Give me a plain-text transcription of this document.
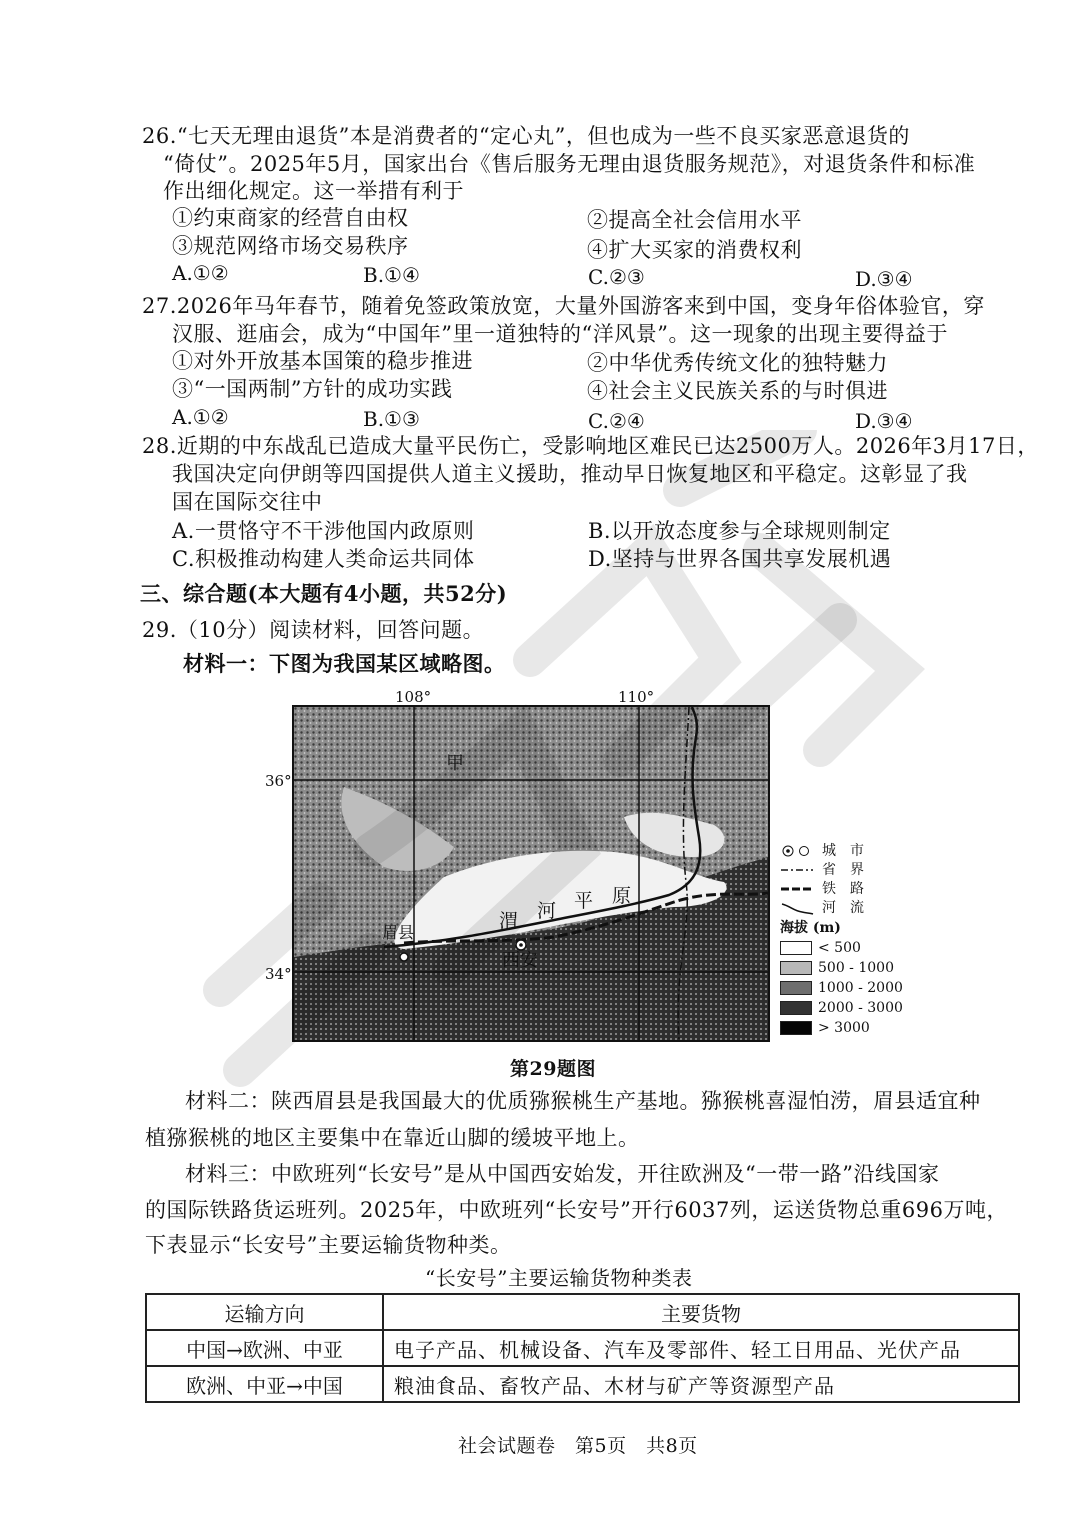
26.“七天无理由退货”本是消费者的“定心丸”，但也成为一些不良买家恶意退货的
“倚仗”。2025年5月，国家出台《售后服务无理由退货服务规范》，对退货条件和标准
作出细化规定。这一举措有利于
①约束商家的经营自由权	②提高全社会信用水平
③规范网络市场交易秩序	④扩大买家的消费权利
A.①②	B.①④	C.②③	D.③④
27.2026年马年春节，随着免签政策放宽，大量外国游客来到中国，变身年俗体验官，穿
汉服、逛庙会，成为“中国年”里一道独特的“洋风景”。这一现象的出现主要得益于
①对外开放基本国策的稳步推进	②中华优秀传统文化的独特魅力
③“一国两制”方针的成功实践	④社会主义民族关系的与时俱进
A.①②	B.①③	C.②④	D.③④
28.近期的中东战乱已造成大量平民伤亡，受影响地区难民已达2500万人。2026年3月17日，
我国决定向伊朗等四国提供人道主义援助，推动早日恢复地区和平稳定。这彰显了我
国在国际交往中
A.一贯恪守不干涉他国内政原则	B.以开放态度参与全球规则制定
C.积极推动构建人类命运共同体	D.坚持与世界各国共享发展机遇
三、综合题(本大题有4小题，共52分)
29.（10分）阅读材料，回答问题。
材料一：下图为我国某区域略图。
108°	110°
36°
34°
甲
渭 河 平 原
眉县
西安
城　市
省　界
铁　路
河　流
海拔 (m)
< 500
500 - 1000
1000 - 2000
2000 - 3000
> 3000
第29题图
材料二：陕西眉县是我国最大的优质猕猴桃生产基地。猕猴桃喜湿怕涝，眉县适宜种
植猕猴桃的地区主要集中在靠近山脚的缓坡平地上。
材料三：中欧班列“长安号”是从中国西安始发，开往欧洲及“一带一路”沿线国家
的国际铁路货运班列。2025年，中欧班列“长安号”开行6037列，运送货物总重696万吨，
下表显示“长安号”主要运输货物种类。
“长安号”主要运输货物种类表
运输方向	主要货物
中国→欧洲、中亚	电子产品、机械设备、汽车及零部件、轻工日用品、光伏产品
欧洲、中亚→中国	粮油食品、畜牧产品、木材与矿产等资源型产品
社会试题卷　第5页　共8页
